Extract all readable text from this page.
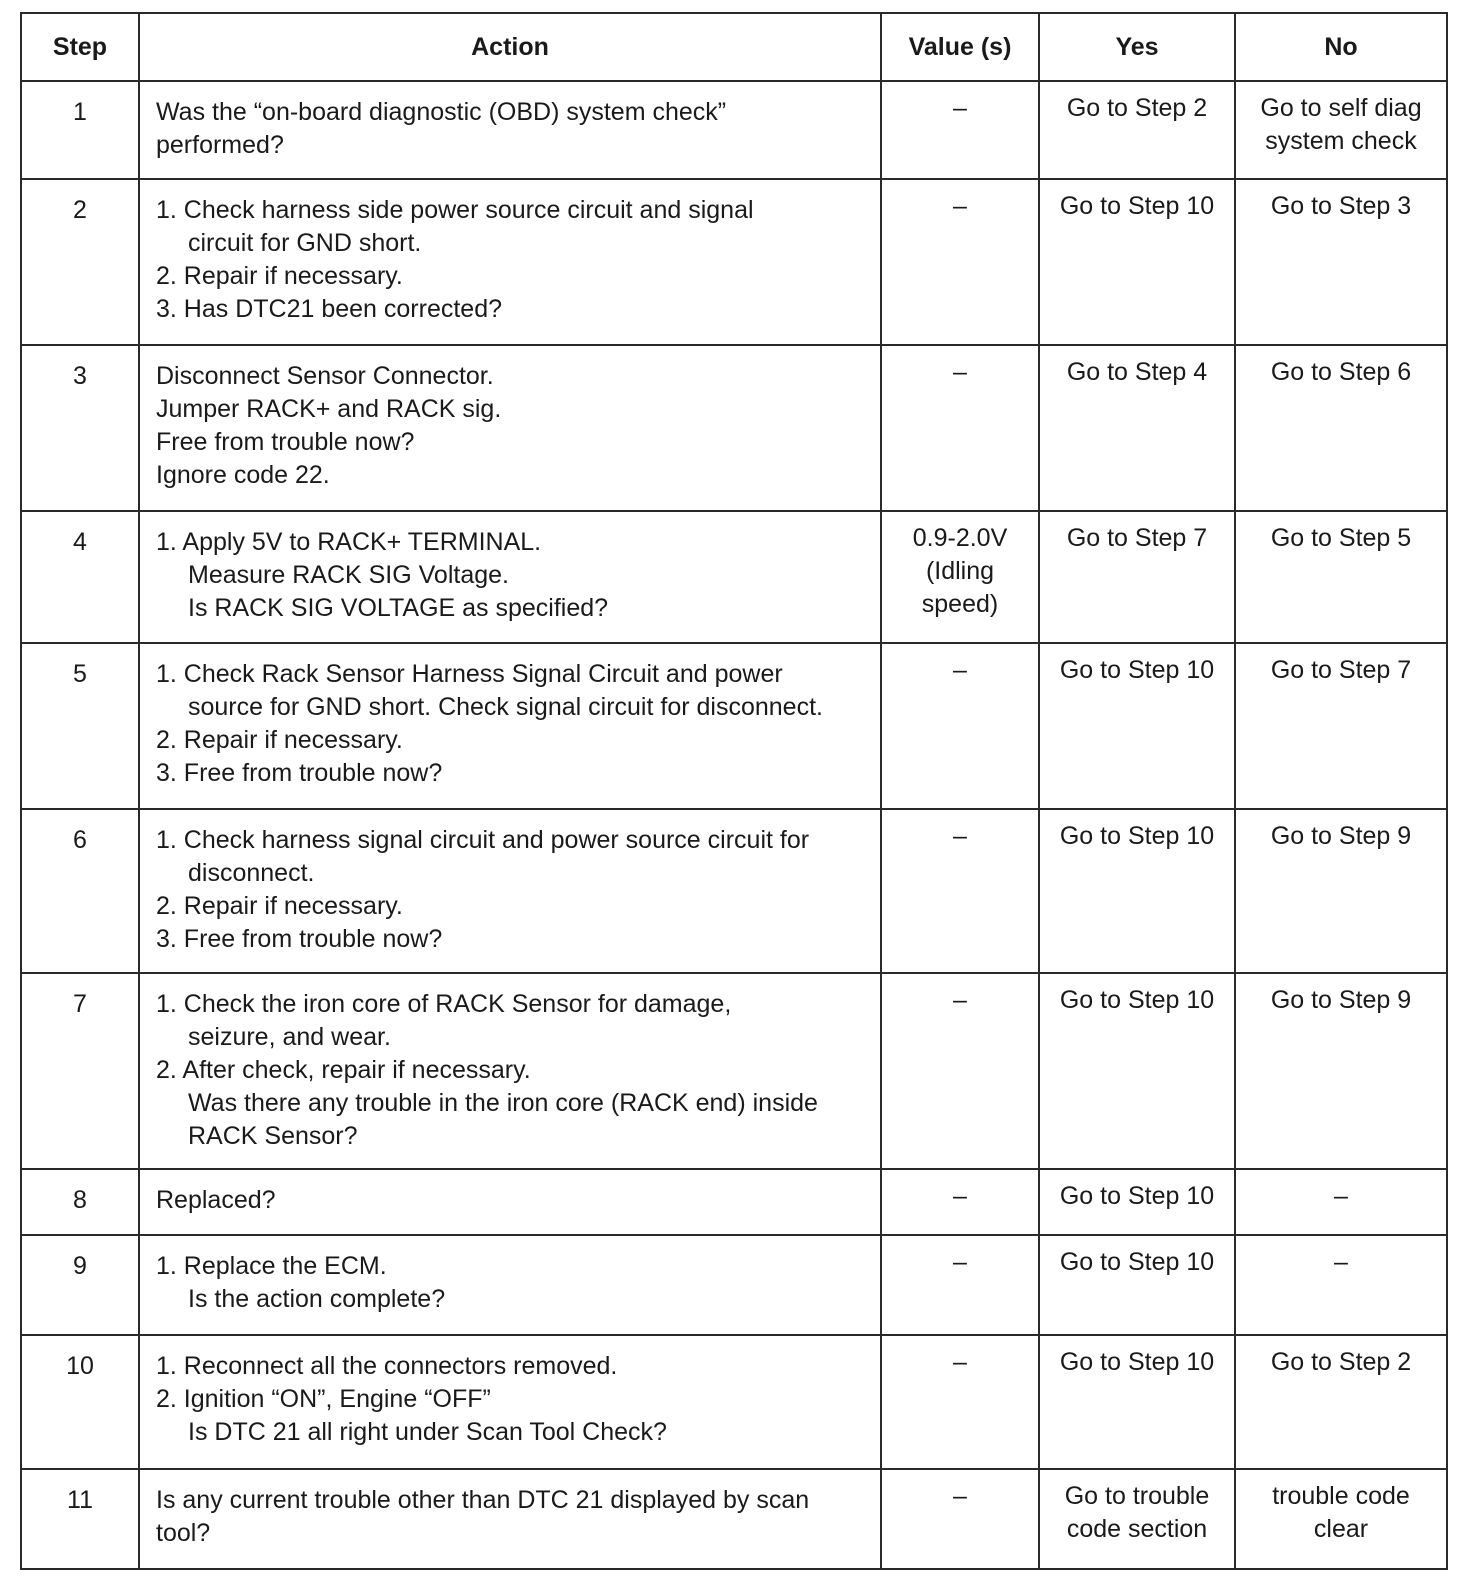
Step	Action	Value (s)	Yes	No
1	Was the “on-board diagnostic (OBD) system check”
performed?	–	Go to Step 2	Go to self diag
system check

2	1. Check harness side power source circuit and signal
circuit for GND short.
2. Repair if necessary.
3. Has DTC21 been corrected?	–	Go to Step 10	Go to Step 3

3	Disconnect Sensor Connector.
Jumper RACK+ and RACK sig.
Free from trouble now?
Ignore code 22.	–	Go to Step 4	Go to Step 6

4	1. Apply 5V to RACK+ TERMINAL.
Measure RACK SIG Voltage.
Is RACK SIG VOLTAGE as specified?	0.9-2.0V
(Idling
speed)	Go to Step 7	Go to Step 5

5	1. Check Rack Sensor Harness Signal Circuit and power
source for GND short. Check signal circuit for disconnect.
2. Repair if necessary.
3. Free from trouble now?	–	Go to Step 10	Go to Step 7

6	1. Check harness signal circuit and power source circuit for
disconnect.
2. Repair if necessary.
3. Free from trouble now?	–	Go to Step 10	Go to Step 9

7	1. Check the iron core of RACK Sensor for damage,
seizure, and wear.
2. After check, repair if necessary.
Was there any trouble in the iron core (RACK end) inside
RACK Sensor?	–	Go to Step 10	Go to Step 9

8	Replaced?	–	Go to Step 10	–

9	1. Replace the ECM.
Is the action complete?	–	Go to Step 10	–

10	1. Reconnect all the connectors removed.
2. Ignition “ON”, Engine “OFF”
Is DTC 21 all right under Scan Tool Check?	–	Go to Step 10	Go to Step 2

11	Is any current trouble other than DTC 21 displayed by scan
tool?	–	Go to trouble
code section	trouble code
clear
